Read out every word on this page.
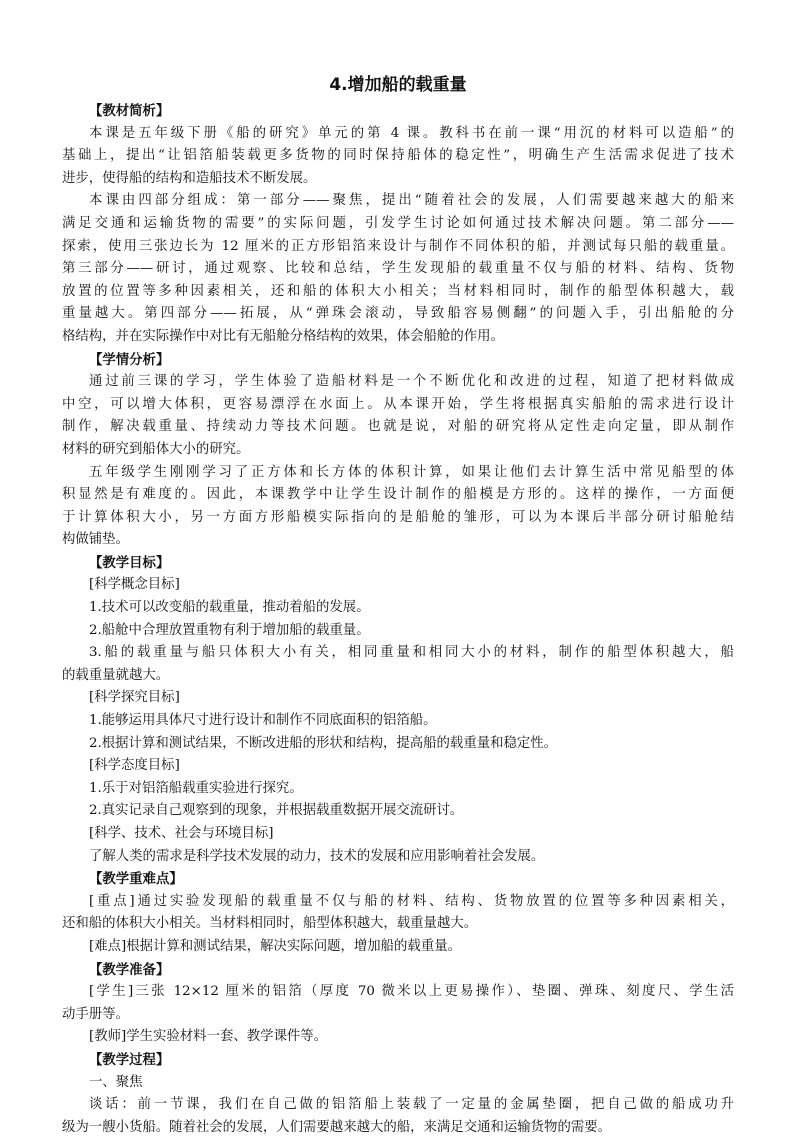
4.增加船的载重量
【教材简析】
本课是五年级下册《船的研究》单元的第 4 课。教科书在前一课“用沉的材料可以造船”的
基础上，提出“让铝箔船装载更多货物的同时保持船体的稳定性”，明确生产生活需求促进了技术
进步，使得船的结构和造船技术不断发展。
本课由四部分组成：第一部分——聚焦，提出“随着社会的发展，人们需要越来越大的船来
满足交通和运输货物的需要”的实际问题，引发学生讨论如何通过技术解决问题。第二部分——
探索，使用三张边长为 12 厘米的正方形铝箔来设计与制作不同体积的船，并测试每只船的载重量。
第三部分——研讨，通过观察、比较和总结，学生发现船的载重量不仅与船的材料、结构、货物
放置的位置等多种因素相关，还和船的体积大小相关；当材料相同时，制作的船型体积越大，载
重量越大。第四部分——拓展，从“弹珠会滚动，导致船容易侧翻”的问题入手，引出船舱的分
格结构，并在实际操作中对比有无船舱分格结构的效果，体会船舱的作用。
【学情分析】
通过前三课的学习，学生体验了造船材料是一个不断优化和改进的过程，知道了把材料做成
中空，可以增大体积，更容易漂浮在水面上。从本课开始，学生将根据真实船舶的需求进行设计
制作，解决载重量、持续动力等技术问题。也就是说，对船的研究将从定性走向定量，即从制作
材料的研究到船体大小的研究。
五年级学生刚刚学习了正方体和长方体的体积计算，如果让他们去计算生活中常见船型的体
积显然是有难度的。因此，本课教学中让学生设计制作的船模是方形的。这样的操作，一方面便
于计算体积大小，另一方面方形船模实际指向的是船舱的雏形，可以为本课后半部分研讨船舱结
构做铺垫。
【教学目标】
[科学概念目标]
1.技术可以改变船的载重量，推动着船的发展。
2.船舱中合理放置重物有利于增加船的载重量。
3.船的载重量与船只体积大小有关，相同重量和相同大小的材料，制作的船型体积越大，船
的载重量就越大。
[科学探究目标]
1.能够运用具体尺寸进行设计和制作不同底面积的铝箔船。
2.根据计算和测试结果，不断改进船的形状和结构，提高船的载重量和稳定性。
[科学态度目标]
1.乐于对铝箔船载重实验进行探究。
2.真实记录自己观察到的现象，并根据载重数据开展交流研讨。
[科学、技术、社会与环境目标]
了解人类的需求是科学技术发展的动力，技术的发展和应用影响着社会发展。
【教学重难点】
[重点]通过实验发现船的载重量不仅与船的材料、结构、货物放置的位置等多种因素相关，
还和船的体积大小相关。当材料相同时，船型体积越大，载重量越大。
[难点]根据计算和测试结果，解决实际问题，增加船的载重量。
【教学准备】
[学生]三张 12×12 厘米的铝箔（厚度 70 微米以上更易操作）、垫圈、弹珠、刻度尺、学生活
动手册等。
[教师]学生实验材料一套、教学课件等。
【教学过程】
一、聚焦
谈话：前一节课，我们在自己做的铝箔船上装载了一定量的金属垫圈，把自己做的船成功升
级为一艘小货船。随着社会的发展，人们需要越来越大的船，来满足交通和运输货物的需要。
